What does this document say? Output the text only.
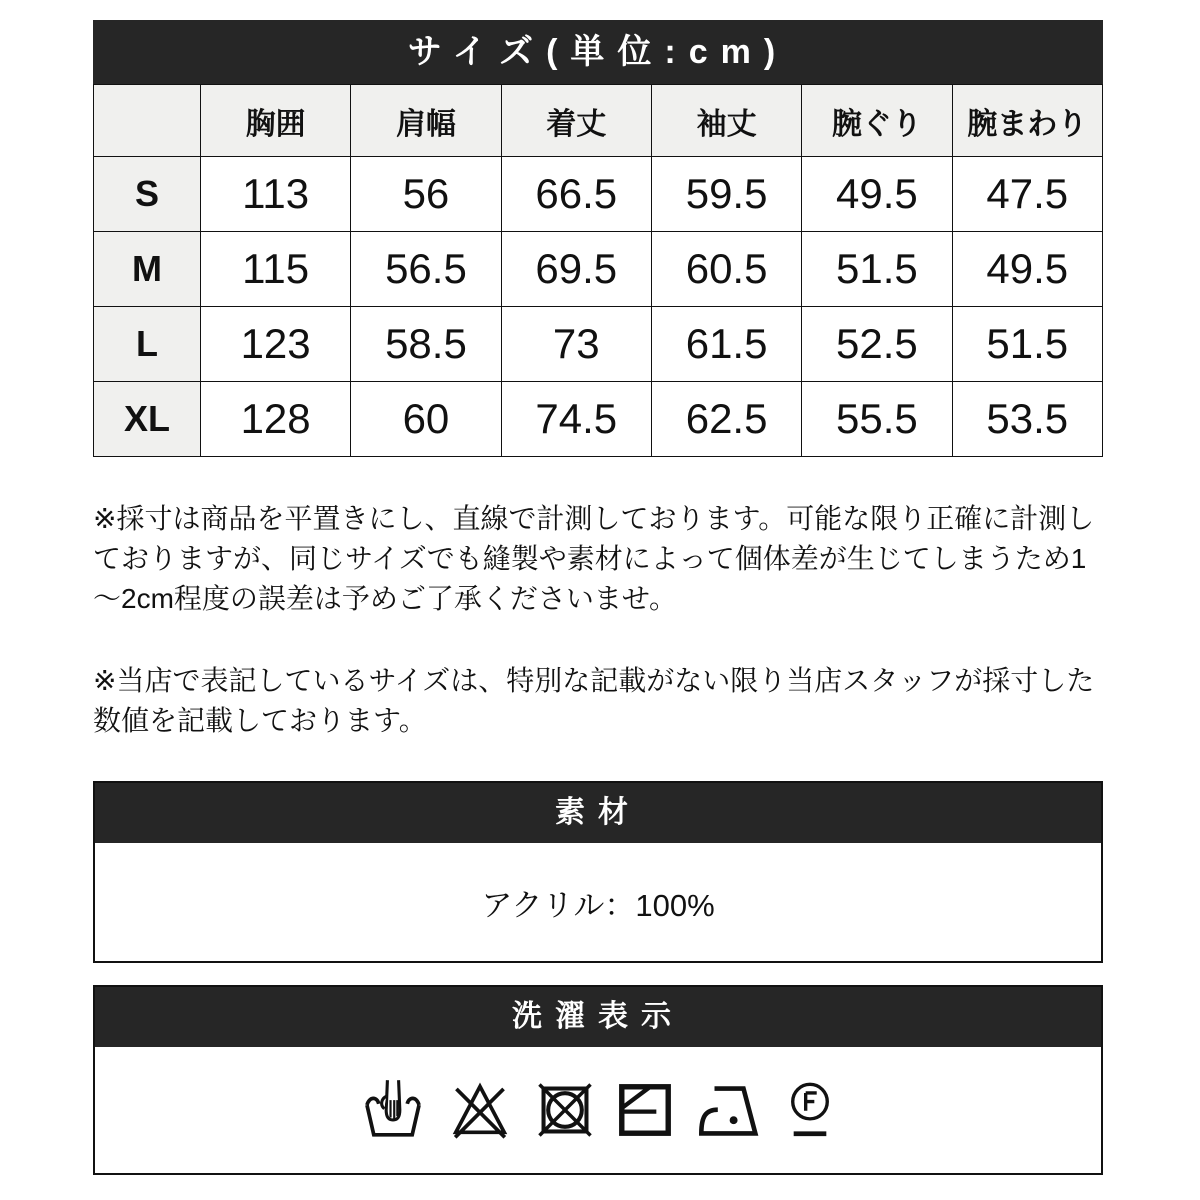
サイズ(単位:cm)
	胸囲	肩幅	着丈	袖丈	腕ぐり	腕まわり
S	113	56	66.5	59.5	49.5	47.5
M	115	56.5	69.5	60.5	51.5	49.5
L	123	58.5	73	61.5	52.5	51.5
XL	128	60	74.5	62.5	55.5	53.5

※採寸は商品を平置きにし、直線で計測しております。可能な限り正確に計測しておりますが、同じサイズでも縫製や素材によって個体差が生じてしまうため1～2cm程度の誤差は予めご了承くださいませ。

※当店で表記しているサイズは、特別な記載がない限り当店スタッフが採寸した数値を記載しております。

素材
アクリル：100%
洗濯表示
